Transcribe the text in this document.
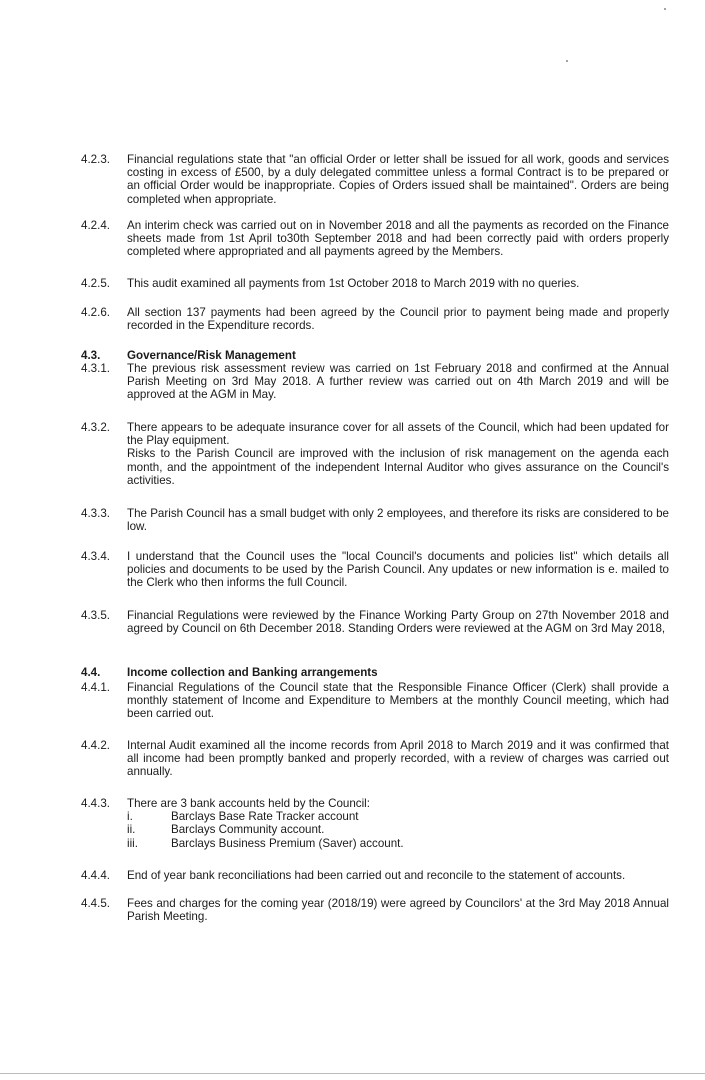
4.2.3.	Financial regulations state that "an official Order or letter shall be issued for all work, goods and services costing in excess of £500, by a duly delegated committee unless a formal Contract is to be prepared or an official Order would be inappropriate. Copies of Orders issued shall be maintained". Orders are being completed when appropriate.
4.2.4.	An interim check was carried out on in November 2018 and all the payments as recorded on the Finance sheets made from 1st April to30th September 2018 and had been correctly paid with orders properly completed where appropriated and all payments agreed by the Members.
4.2.5.	This audit examined all payments from 1st October 2018 to March 2019 with no queries.
4.2.6.	All section 137 payments had been agreed by the Council prior to payment being made and properly recorded in the Expenditure records.
4.3.	Governance/Risk Management
4.3.1.	The previous risk assessment review was carried on 1st February 2018 and confirmed at the Annual Parish Meeting on 3rd May 2018. A further review was carried out on 4th March 2019 and will be approved at the AGM in May.
4.3.2.	There appears to be adequate insurance cover for all assets of the Council, which had been updated for the Play equipment.
Risks to the Parish Council are improved with the inclusion of risk management on the agenda each month, and the appointment of the independent Internal Auditor who gives assurance on the Council's activities.
4.3.3.	The Parish Council has a small budget with only 2 employees, and therefore its risks are considered to be low.
4.3.4.	I understand that the Council uses the "local Council's documents and policies list" which details all policies and documents to be used by the Parish Council. Any updates or new information is e. mailed to the Clerk who then informs the full Council.
4.3.5.	Financial Regulations were reviewed by the Finance Working Party Group on 27th November 2018 and agreed by Council on 6th December 2018. Standing Orders were reviewed at the AGM on 3rd May 2018,
4.4.	Income collection and Banking arrangements
4.4.1.	Financial Regulations of the Council state that the Responsible Finance Officer (Clerk) shall provide a monthly statement of Income and Expenditure to Members at the monthly Council meeting, which had been carried out.
4.4.2.	Internal Audit examined all the income records from April 2018 to March 2019 and it was confirmed that all income had been promptly banked and properly recorded, with a review of charges was carried out annually.
4.4.3.	There are 3 bank accounts held by the Council:
i.	Barclays Base Rate Tracker account
ii.	Barclays Community account.
iii.	Barclays Business Premium (Saver) account.
4.4.4.	End of year bank reconciliations had been carried out and reconcile to the statement of accounts.
4.4.5.	Fees and charges for the coming year (2018/19) were agreed by Councilors' at the 3rd May 2018 Annual Parish Meeting.
